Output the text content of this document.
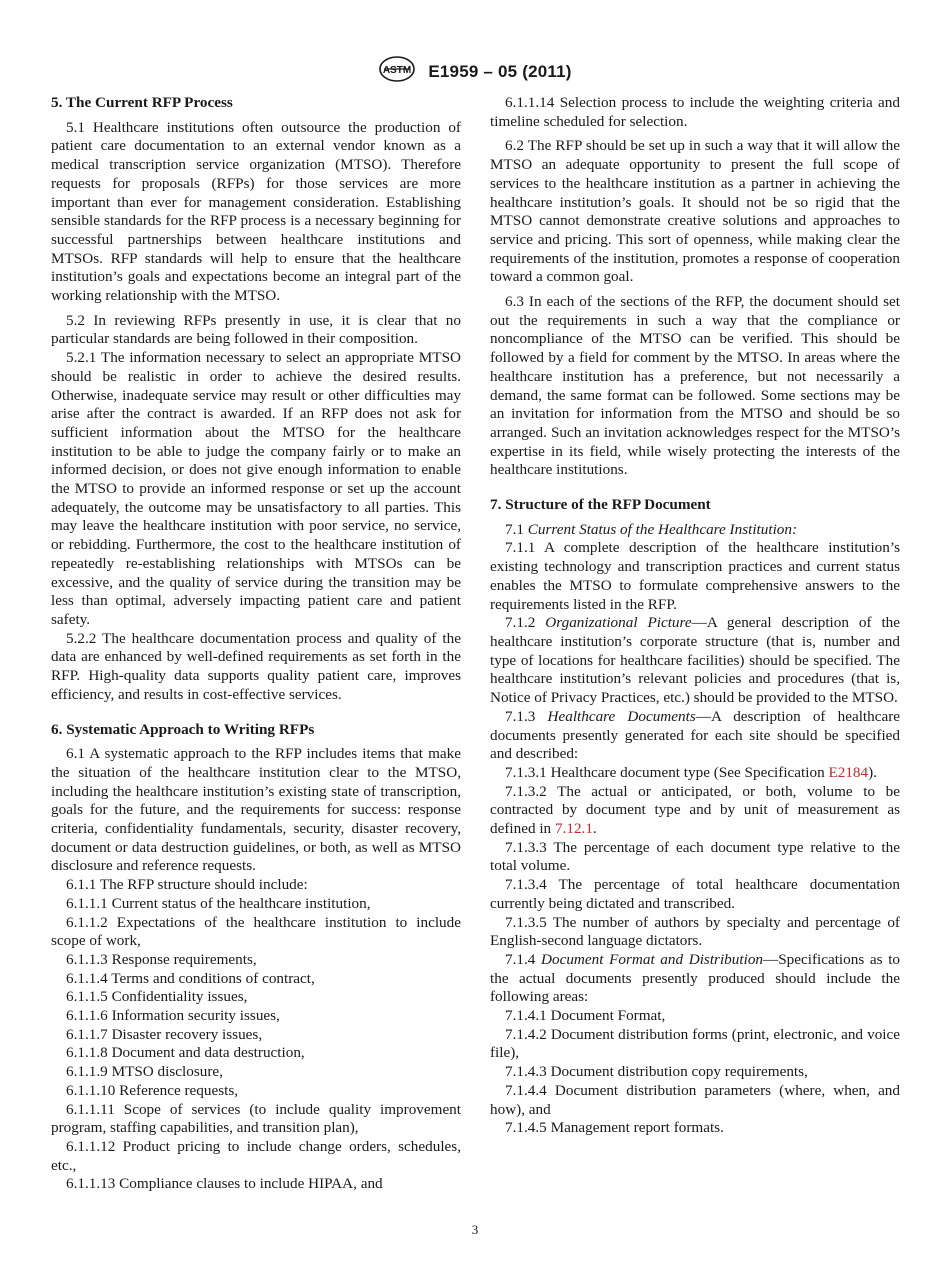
ASTM E1959 – 05 (2011)
5. The Current RFP Process

5.1 Healthcare institutions often outsource the production of patient care documentation to an external vendor known as a medical transcription service organization (MTSO). Therefore requests for proposals (RFPs) for those services are more important than ever for management consideration. Establishing sensible standards for the RFP process is a necessary beginning for successful partnerships between healthcare institutions and MTSOs. RFP standards will help to ensure that the healthcare institution’s goals and expectations become an integral part of the working relationship with the MTSO.

5.2 In reviewing RFPs presently in use, it is clear that no particular standards are being followed in their composition.

5.2.1 The information necessary to select an appropriate MTSO should be realistic in order to achieve the desired results. Otherwise, inadequate service may result or other difficulties may arise after the contract is awarded. If an RFP does not ask for sufficient information about the MTSO for the healthcare institution to be able to judge the company fairly or to make an informed decision, or does not give enough information to enable the MTSO to provide an informed response or set up the account adequately, the outcome may be unsatisfactory to all parties. This may leave the healthcare institution with poor service, no service, or rebidding. Furthermore, the cost to the healthcare institution of repeatedly re-establishing relationships with MTSOs can be excessive, and the quality of service during the transition may be less than optimal, adversely impacting patient care and patient safety.

5.2.2 The healthcare documentation process and quality of the data are enhanced by well-defined requirements as set forth in the RFP. High-quality data supports quality patient care, improves efficiency, and results in cost-effective services.

6. Systematic Approach to Writing RFPs

6.1 A systematic approach to the RFP includes items that make the situation of the healthcare institution clear to the MTSO, including the healthcare institution’s existing state of transcription, goals for the future, and the requirements for success: response criteria, confidentiality fundamentals, security, disaster recovery, document or data destruction guidelines, or both, as well as MTSO disclosure and reference requests.

6.1.1 The RFP structure should include:

6.1.1.1 Current status of the healthcare institution,

6.1.1.2 Expectations of the healthcare institution to include scope of work,

6.1.1.3 Response requirements,

6.1.1.4 Terms and conditions of contract,

6.1.1.5 Confidentiality issues,

6.1.1.6 Information security issues,

6.1.1.7 Disaster recovery issues,

6.1.1.8 Document and data destruction,

6.1.1.9 MTSO disclosure,

6.1.1.10 Reference requests,

6.1.1.11 Scope of services (to include quality improvement program, staffing capabilities, and transition plan),

6.1.1.12 Product pricing to include change orders, schedules, etc.,

6.1.1.13 Compliance clauses to include HIPAA, and

6.1.1.14 Selection process to include the weighting criteria and timeline scheduled for selection.

6.2 The RFP should be set up in such a way that it will allow the MTSO an adequate opportunity to present the full scope of services to the healthcare institution as a partner in achieving the healthcare institution’s goals. It should not be so rigid that the MTSO cannot demonstrate creative solutions and approaches to service and pricing. This sort of openness, while making clear the requirements of the institution, promotes a response of cooperation toward a common goal.

6.3 In each of the sections of the RFP, the document should set out the requirements in such a way that the compliance or noncompliance of the MTSO can be verified. This should be followed by a field for comment by the MTSO. In areas where the healthcare institution has a preference, but not necessarily a demand, the same format can be followed. Some sections may be an invitation for information from the MTSO and should be so arranged. Such an invitation acknowledges respect for the MTSO’s expertise in its field, while wisely protecting the interests of the healthcare institutions.

7. Structure of the RFP Document

7.1 Current Status of the Healthcare Institution:

7.1.1 A complete description of the healthcare institution’s existing technology and transcription practices and current status enables the MTSO to formulate comprehensive answers to the requirements listed in the RFP.

7.1.2 Organizational Picture—A general description of the healthcare institution’s corporate structure (that is, number and type of locations for healthcare facilities) should be specified. The healthcare institution’s relevant policies and procedures (that is, Notice of Privacy Practices, etc.) should be provided to the MTSO.

7.1.3 Healthcare Documents—A description of healthcare documents presently generated for each site should be specified and described:

7.1.3.1 Healthcare document type (See Specification E2184).

7.1.3.2 The actual or anticipated, or both, volume to be contracted by document type and by unit of measurement as defined in 7.12.1.

7.1.3.3 The percentage of each document type relative to the total volume.

7.1.3.4 The percentage of total healthcare documentation currently being dictated and transcribed.

7.1.3.5 The number of authors by specialty and percentage of English-second language dictators.

7.1.4 Document Format and Distribution—Specifications as to the actual documents presently produced should include the following areas:

7.1.4.1 Document Format,

7.1.4.2 Document distribution forms (print, electronic, and voice file),

7.1.4.3 Document distribution copy requirements,

7.1.4.4 Document distribution parameters (where, when, and how), and

7.1.4.5 Management report formats.

3
